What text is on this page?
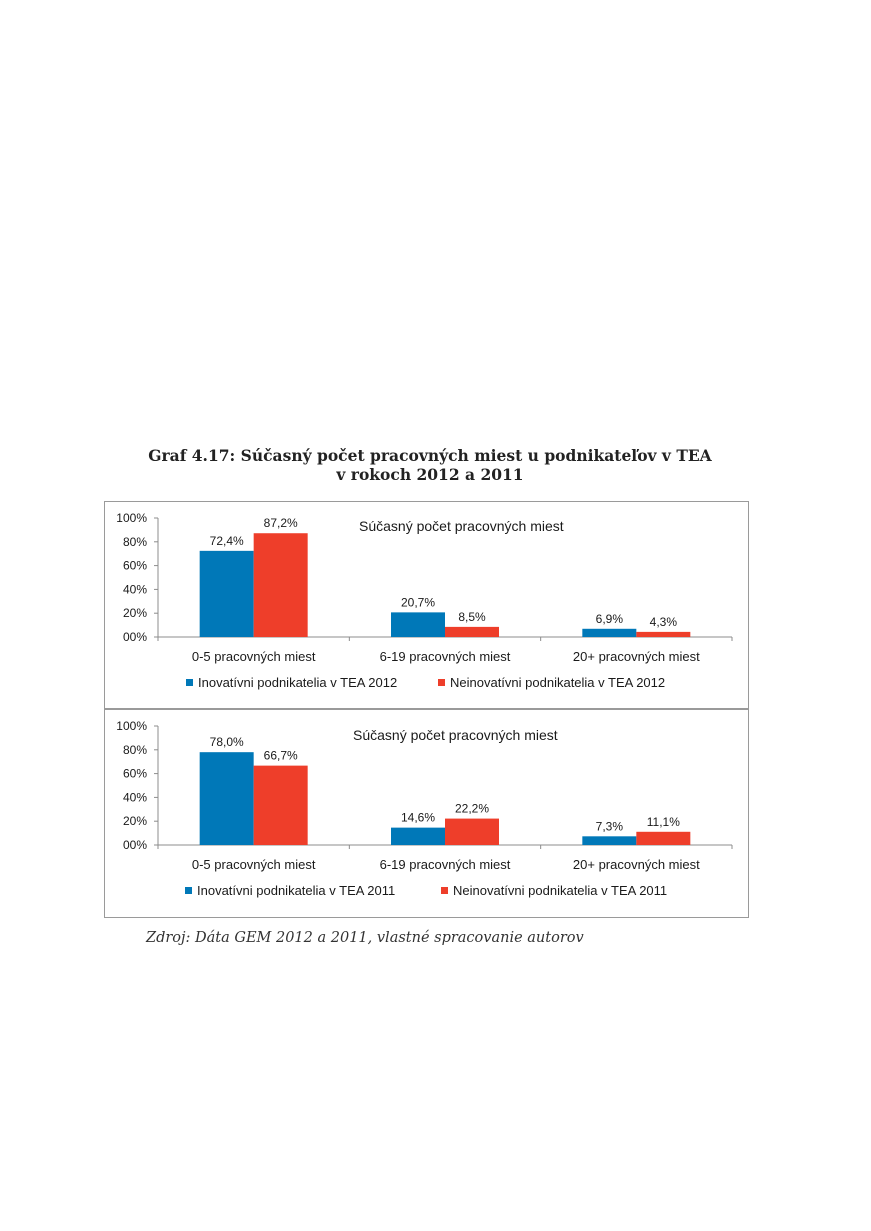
Graf 4.17: Súčasný počet pracovných miest u podnikateľov v TEA
v rokoch 2012 a 2011
Súčasný počet pracovných miest
00%
20%
40%
60%
80%
100%
0-5 pracovných miest
72,4%
87,2%
6-19 pracovných miest
20,7%
8,5%
20+ pracovných miest
6,9% 4,3%
Inovatívni podnikatelia v TEA 2012	Neinovatívni podnikatelia v TEA 2012
Súčasný počet pracovných miest
00%
20%
40%
60%
80%
100%
0-5 pracovných miest
78,0%
66,7%
6-19 pracovných miest
14,6%
22,2%
20+ pracovných miest
7,3% 11,1%
Inovatívni podnikatelia v TEA 2011	Neinovatívni podnikatelia v TEA 2011
Zdroj: Dáta GEM 2012 a 2011, vlastné spracovanie autorov
